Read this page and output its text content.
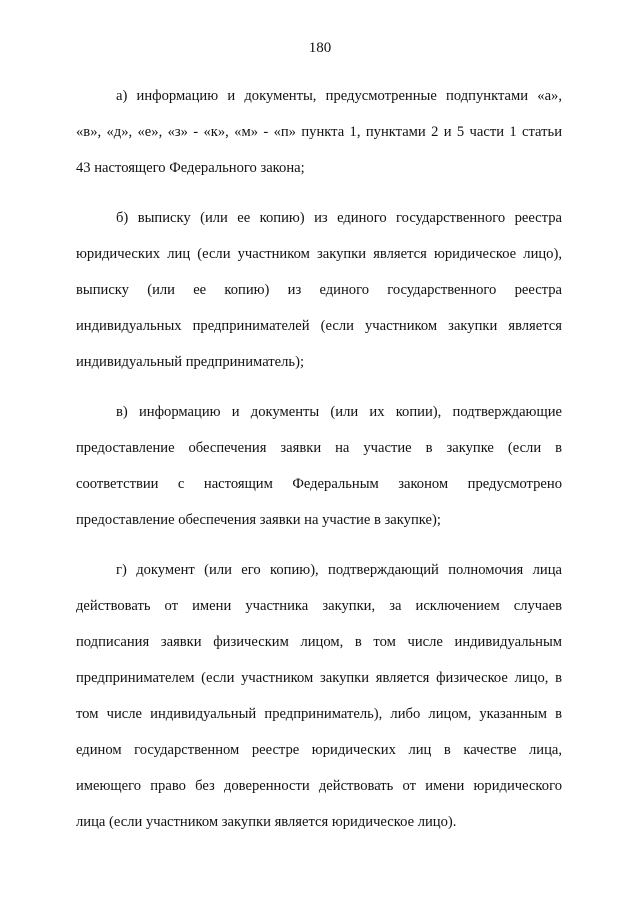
180
а) информацию и документы, предусмотренные подпунктами «а»,
«в», «д», «е», «з» - «к», «м» - «п» пункта 1, пунктами 2 и 5 части 1 статьи
43 настоящего Федерального закона;
б) выписку (или ее копию) из единого государственного реестра
юридических лиц (если участником закупки является юридическое лицо),
выписку (или ее копию) из единого государственного реестра
индивидуальных предпринимателей (если участником закупки является
индивидуальный предприниматель);
в) информацию и документы (или их копии), подтверждающие
предоставление обеспечения заявки на участие в закупке (если в
соответствии с настоящим Федеральным законом предусмотрено
предоставление обеспечения заявки на участие в закупке);
г) документ (или его копию), подтверждающий полномочия лица
действовать от имени участника закупки, за исключением случаев
подписания заявки физическим лицом, в том числе индивидуальным
предпринимателем (если участником закупки является физическое лицо, в
том числе индивидуальный предприниматель), либо лицом, указанным в
едином государственном реестре юридических лиц в качестве лица,
имеющего право без доверенности действовать от имени юридического
лица (если участником закупки является юридическое лицо).
